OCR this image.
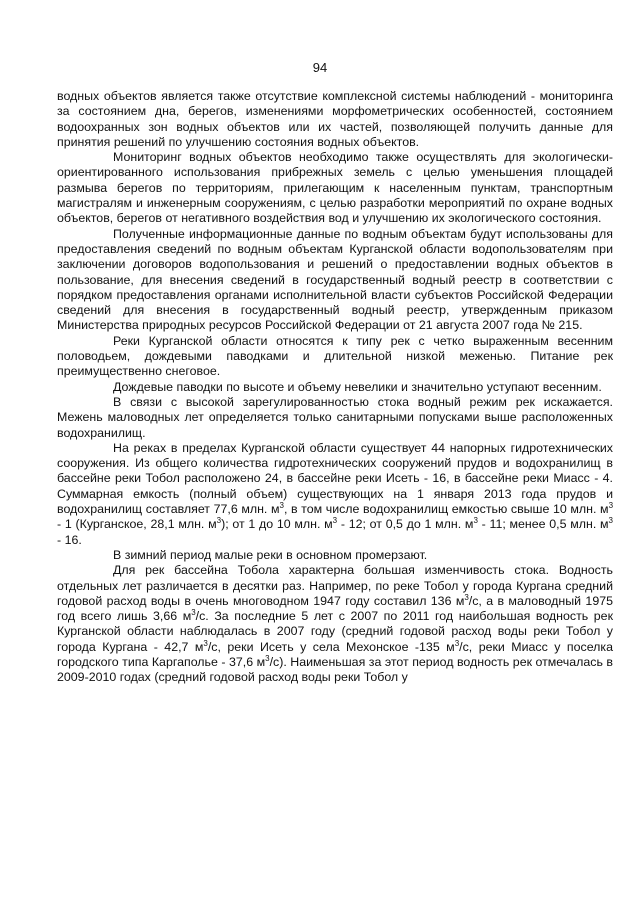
94

водных объектов является также отсутствие комплексной системы наблюдений - мониторинга за состоянием дна, берегов, изменениями морфометрических особенностей, состоянием водоохранных зон водных объектов или их частей, позволяющей получить данные для принятия решений по улучшению состояния водных объектов.

Мониторинг водных объектов необходимо также осуществлять для экологически-ориентированного использования прибрежных земель с целью уменьшения площадей размыва берегов по территориям, прилегающим к населенным пунктам, транспортным магистралям и инженерным сооружениям, с целью разработки мероприятий по охране водных объектов, берегов от негативного воздействия вод и улучшению их экологического состояния.

Полученные информационные данные по водным объектам будут использованы для предоставления сведений по водным объектам Курганской области водопользователям при заключении договоров водопользования и решений о предоставлении водных объектов в пользование, для внесения сведений в государственный водный реестр в соответствии с порядком предоставления органами исполнительной власти субъектов Российской Федерации сведений для внесения в государственный водный реестр, утвержденным приказом Министерства природных ресурсов Российской Федерации от 21 августа 2007 года № 215.

Реки Курганской области относятся к типу рек с четко выраженным весенним половодьем, дождевыми паводками и длительной низкой меженью. Питание рек преимущественно снеговое.

Дождевые паводки по высоте и объему невелики и значительно уступают весенним.

В связи с высокой зарегулированностью стока водный режим рек искажается. Межень маловодных лет определяется только санитарными попусками выше расположенных водохранилищ.

На реках в пределах Курганской области существует 44 напорных гидротехнических сооружения. Из общего количества гидротехнических сооружений прудов и водохранилищ в бассейне реки Тобол расположено 24, в бассейне реки Исеть - 16, в бассейне реки Миасс - 4. Суммарная емкость (полный объем) существующих на 1 января 2013 года прудов и водохранилищ составляет 77,6 млн. $м^3$, в том числе водохранилищ емкостью свыше 10 млн. $м^3 - 1$ (Курганское, 28,1 млн. $м^3$); от 1 до 10 млн. $м^3 - 12$; от 0,5 до 1 млн. $м^3 - 11$; менее 0,5 млн. $м^3 - 16$.

В зимний период малые реки в основном промерзают.

Для рек бассейна Тобола характерна большая изменчивость стока. Водность отдельных лет различается в десятки раз. Например, по реке Тобол у города Кургана средний годовой расход воды в очень многоводном 1947 году составил 136 $м^3/с$, а в маловодный 1975 год всего лишь 3,66 $м^3/с$. За последние 5 лет с 2007 по 2011 год наибольшая водность рек Курганской области наблюдалась в 2007 году (средний годовой расход воды реки Тобол у города Кургана - 42,7 $м^3/с$, реки Исеть у села Мехонское -135 $м^3/с$, реки Миасс у поселка городского типа Каргаполье - 37,6 $м^3/с$). Наименьшая за этот период водность рек отмечалась в 2009-2010 годах (средний годовой расход воды реки Тобол у
